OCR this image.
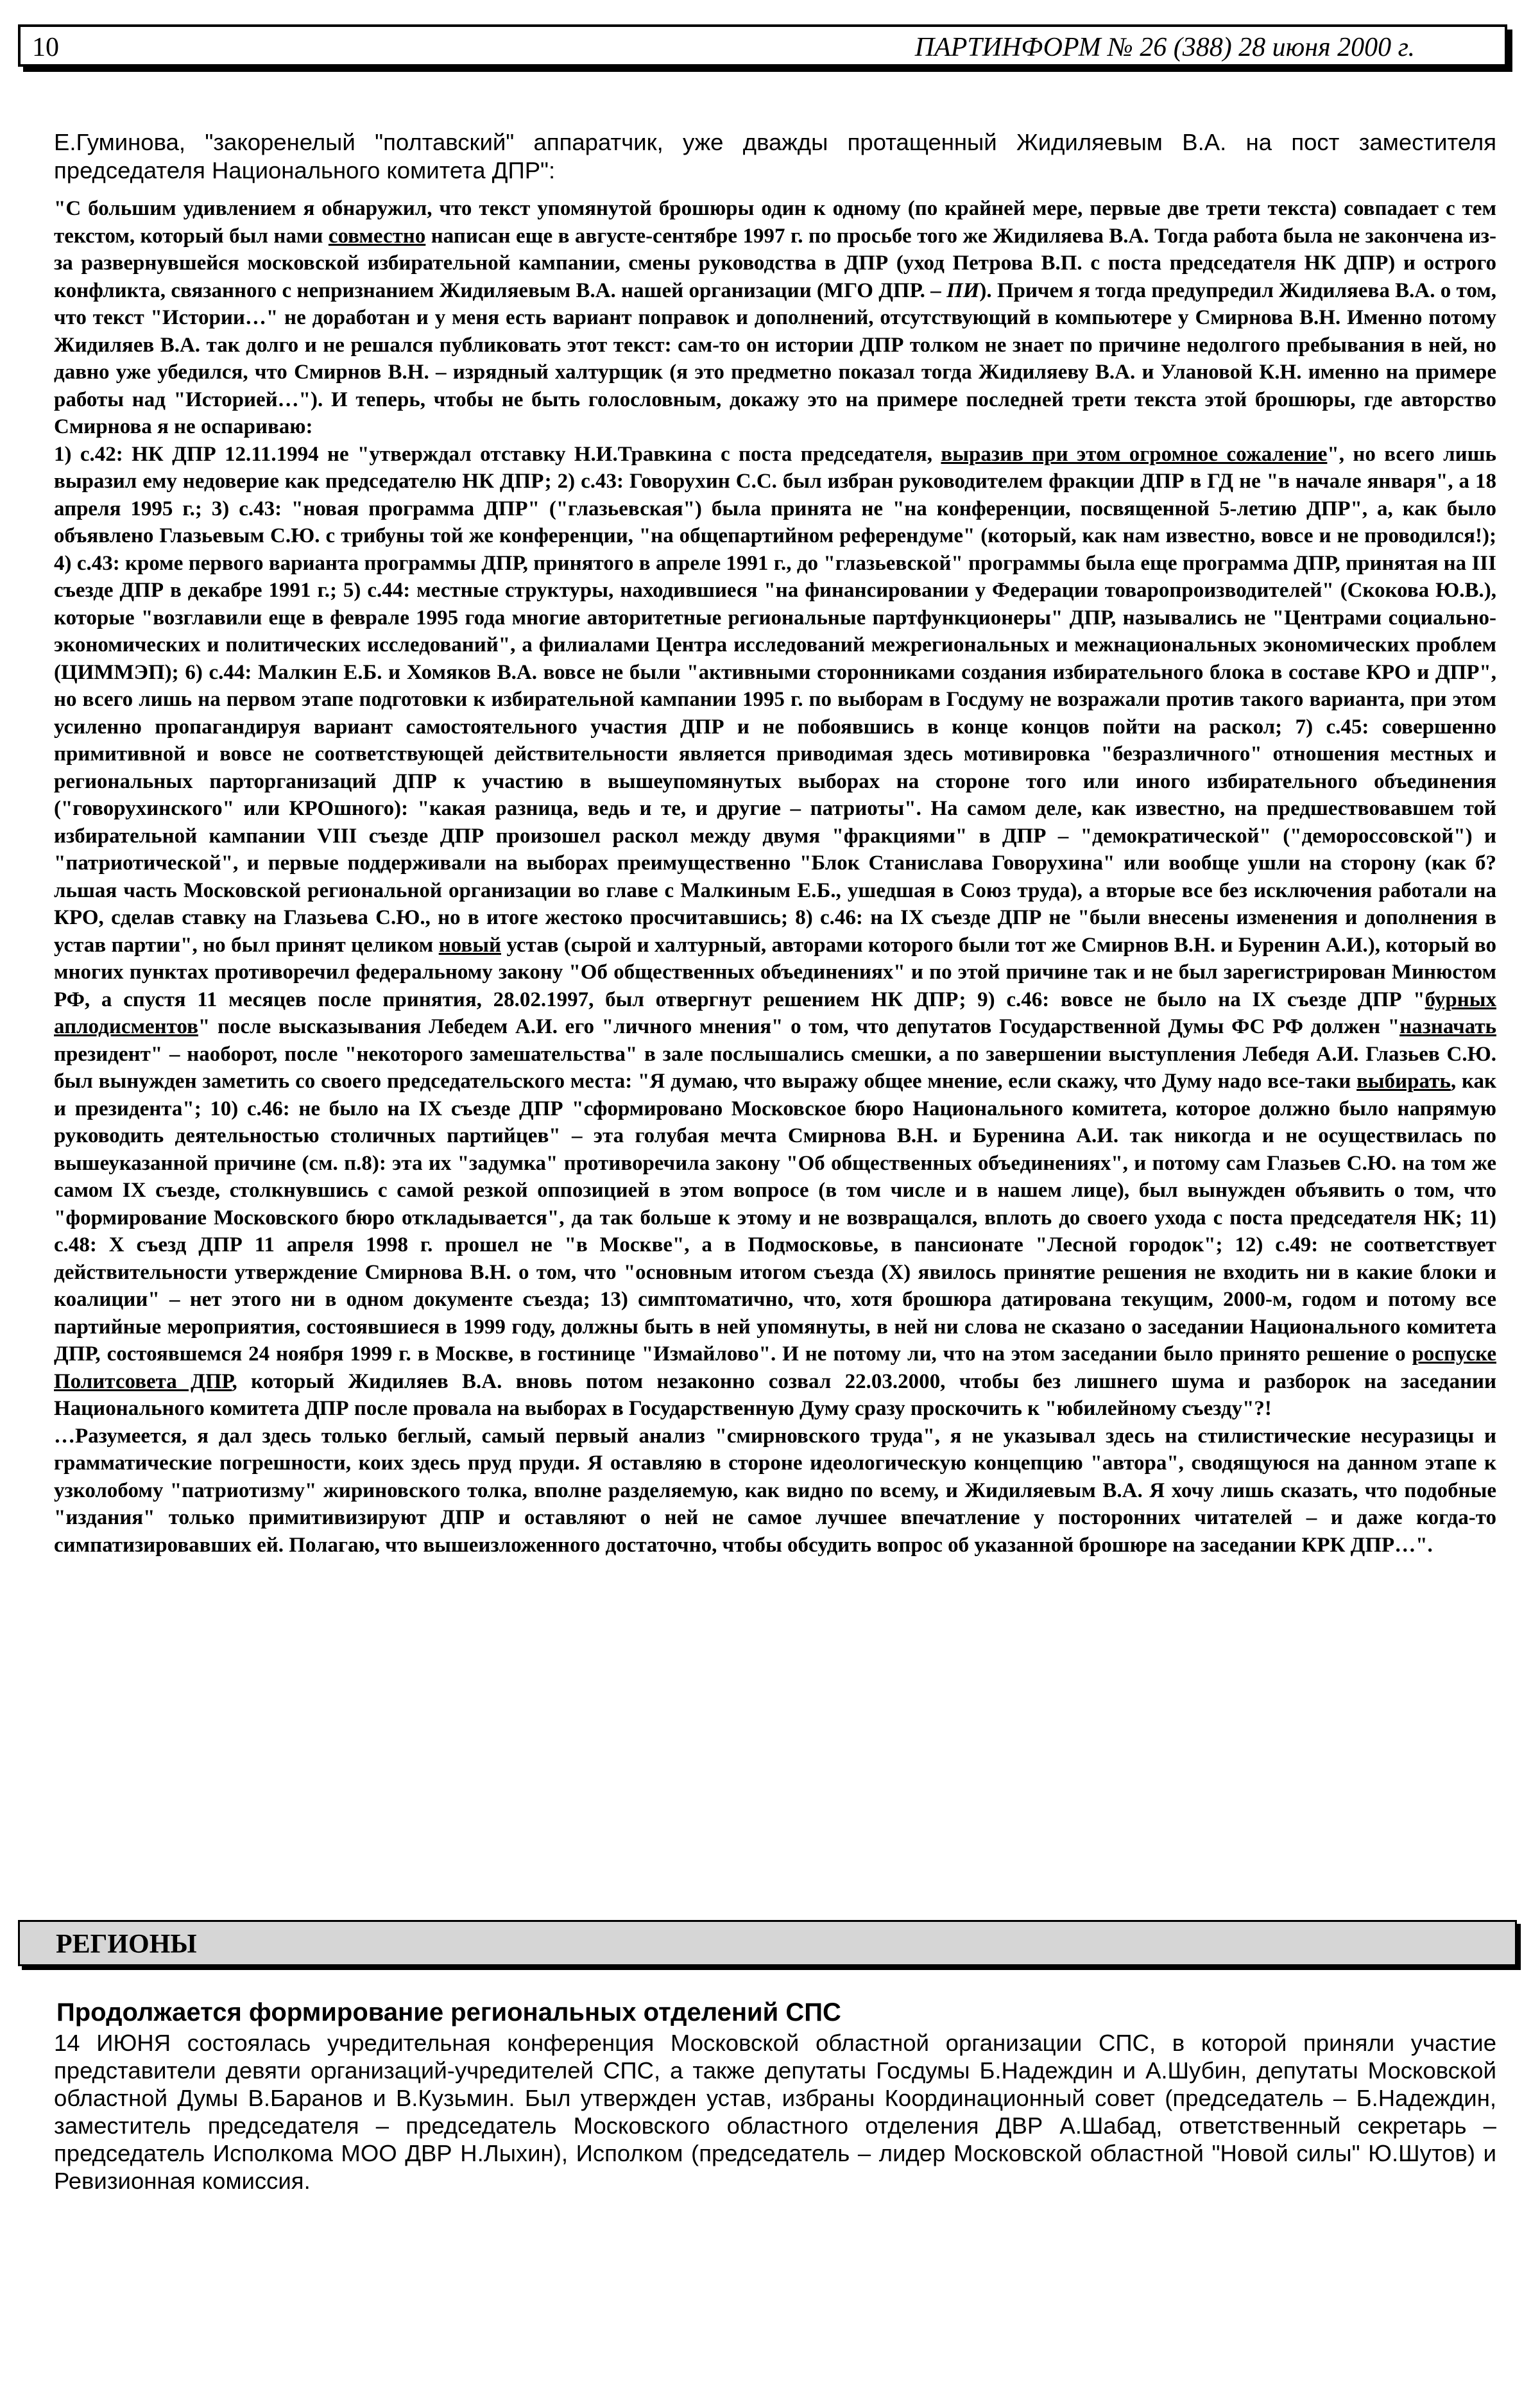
10	ПАРТИНФОРМ № 26 (388) 28 июня 2000 г.

Е.Гуминова, "закоренелый "полтавский" аппаратчик, уже дважды протащенный Жидиляевым В.А. на пост заместителя председателя Национального комитета ДПР":

"С большим удивлением я обнаружил, что текст упомянутой брошюры один к одному (по крайней мере, первые две трети текста) совпадает с тем текстом, который был нами совместно написан еще в августе-сентябре 1997 г. по просьбе того же Жидиляева В.А. Тогда работа была не закончена из-за развернувшейся московской избирательной кампании, смены руководства в ДПР (уход Петрова В.П. с поста председателя НК ДПР) и острого конфликта, связанного с непризнанием Жидиляевым В.А. нашей организации (МГО ДПР. – ПИ). Причем я тогда предупредил Жидиляева В.А. о том, что текст "Истории…" не доработан и у меня есть вариант поправок и дополнений, отсутствующий в компьютере у Смирнова В.Н. Именно потому Жидиляев В.А. так долго и не решался публиковать этот текст: сам-то он истории ДПР толком не знает по причине недолгого пребывания в ней, но давно уже убедился, что Смирнов В.Н. – изрядный халтурщик (я это предметно показал тогда Жидиляеву В.А. и Улановой К.Н. именно на примере работы над "Историей…"). И теперь, чтобы не быть голословным, докажу это на примере последней трети текста этой брошюры, где авторство Смирнова я не оспариваю:

1) с.42: НК ДПР 12.11.1994 не "утверждал отставку Н.И.Травкина с поста председателя, выразив при этом огромное сожаление", но всего лишь выразил ему недоверие как председателю НК ДПР; 2) с.43: Говорухин С.С. был избран руководителем фракции ДПР в ГД не "в начале января", а 18 апреля 1995 г.; 3) с.43: "новая программа ДПР" ("глазьевская") была принята не "на конференции, посвященной 5-летию ДПР", а, как было объявлено Глазьевым С.Ю. с трибуны той же конференции, "на общепартийном референдуме" (который, как нам известно, вовсе и не проводился!); 4) с.43: кроме первого варианта программы ДПР, принятого в апреле 1991 г., до "глазьевской" программы была еще программа ДПР, принятая на III съезде ДПР в декабре 1991 г.; 5) с.44: местные структуры, находившиеся "на финансировании у Федерации товаропроизводителей" (Скокова Ю.В.), которые "возглавили еще в феврале 1995 года многие авторитетные региональные партфункционеры" ДПР, назывались не "Центрами социально-экономических и политических исследований", а филиалами Центра исследований межрегиональных и межнациональных экономических проблем (ЦИММЭП); 6) с.44: Малкин Е.Б. и Хомяков В.А. вовсе не были "активными сторонниками создания избирательного блока в составе КРО и ДПР", но всего лишь на первом этапе подготовки к избирательной кампании 1995 г. по выборам в Госдуму не возражали против такого варианта, при этом усиленно пропагандируя вариант самостоятельного участия ДПР и не побоявшись в конце концов пойти на раскол; 7) с.45: совершенно примитивной и вовсе не соответствующей действительности является приводимая здесь мотивировка "безразличного" отношения местных и региональных парторганизаций ДПР к участию в вышеупомянутых выборах на стороне того или иного избирательного объединения ("говорухинского" или КРОшного): "какая разница, ведь и те, и другие – патриоты". На самом деле, как известно, на предшествовавшем той избирательной кампании VIII съезде ДПР произошел раскол между двумя "фракциями" в ДПР – "демократической" ("демороссовской") и "патриотической", и первые поддерживали на выборах преимущественно "Блок Станислава Говорухина" или вообще ушли на сторону (как б?льшая часть Московской региональной организации во главе с Малкиным Е.Б., ушедшая в Союз труда), а вторые все без исключения работали на КРО, сделав ставку на Глазьева С.Ю., но в итоге жестоко просчитавшись; 8) с.46: на IX съезде ДПР не "были внесены изменения и дополнения в устав партии", но был принят целиком новый устав (сырой и халтурный, авторами которого были тот же Смирнов В.Н. и Буренин А.И.), который во многих пунктах противоречил федеральному закону "Об общественных объединениях" и по этой причине так и не был зарегистрирован Минюстом РФ, а спустя 11 месяцев после принятия, 28.02.1997, был отвергнут решением НК ДПР; 9) с.46: вовсе не было на IX съезде ДПР "бурных аплодисментов" после высказывания Лебедем А.И. его "личного мнения" о том, что депутатов Государственной Думы ФС РФ должен "назначать президент" – наоборот, после "некоторого замешательства" в зале послышались смешки, а по завершении выступления Лебедя А.И. Глазьев С.Ю. был вынужден заметить со своего председательского места: "Я думаю, что выражу общее мнение, если скажу, что Думу надо все-таки выбирать, как и президента"; 10) с.46: не было на IX съезде ДПР "сформировано Московское бюро Национального комитета, которое должно было напрямую руководить деятельностью столичных партийцев" – эта голубая мечта Смирнова В.Н. и Буренина А.И. так никогда и не осуществилась по вышеуказанной причине (см. п.8): эта их "задумка" противоречила закону "Об общественных объединениях", и потому сам Глазьев С.Ю. на том же самом IX съезде, столкнувшись с самой резкой оппозицией в этом вопросе (в том числе и в нашем лице), был вынужден объявить о том, что "формирование Московского бюро откладывается", да так больше к этому и не возвращался, вплоть до своего ухода с поста председателя НК; 11) с.48: X съезд ДПР 11 апреля 1998 г. прошел не "в Москве", а в Подмосковье, в пансионате "Лесной городок"; 12) с.49: не соответствует действительности утверждение Смирнова В.Н. о том, что "основным итогом съезда (X) явилось принятие решения не входить ни в какие блоки и коалиции" – нет этого ни в одном документе съезда; 13) симптоматично, что, хотя брошюра датирована текущим, 2000-м, годом и потому все партийные мероприятия, состоявшиеся в 1999 году, должны быть в ней упомянуты, в ней ни слова не сказано о заседании Национального комитета ДПР, состоявшемся 24 ноября 1999 г. в Москве, в гостинице "Измайлово". И не потому ли, что на этом заседании было принято решение о роспуске Политсовета ДПР, который Жидиляев В.А. вновь потом незаконно созвал 22.03.2000, чтобы без лишнего шума и разборок на заседании Национального комитета ДПР после провала на выборах в Государственную Думу сразу проскочить к "юбилейному съезду"?!

…Разумеется, я дал здесь только беглый, самый первый анализ "смирновского труда", я не указывал здесь на стилистические несуразицы и грамматические погрешности, коих здесь пруд пруди. Я оставляю в стороне идеологическую концепцию "автора", сводящуюся на данном этапе к узколобому "патриотизму" жириновского толка, вполне разделяемую, как видно по всему, и Жидиляевым В.А. Я хочу лишь сказать, что подобные "издания" только примитивизируют ДПР и оставляют о ней не самое лучшее впечатление у посторонних читателей – и даже когда-то симпатизировавших ей. Полагаю, что вышеизложенного достаточно, чтобы обсудить вопрос об указанной брошюре на заседании КРК ДПР…".

РЕГИОНЫ
Продолжается формирование региональных отделений СПС

14 ИЮНЯ состоялась учредительная конференция Московской областной организации СПС, в которой приняли участие представители девяти организаций-учредителей СПС, а также депутаты Госдумы Б.Надеждин и А.Шубин, депутаты Московской областной Думы В.Баранов и В.Кузьмин. Был утвержден устав, избраны Координационный совет (председатель – Б.Надеждин, заместитель председателя – председатель Московского областного отделения ДВР А.Шабад, ответственный секретарь – председатель Исполкома МОО ДВР Н.Лыхин), Исполком (председатель – лидер Московской областной "Новой силы" Ю.Шутов) и Ревизионная комиссия.
